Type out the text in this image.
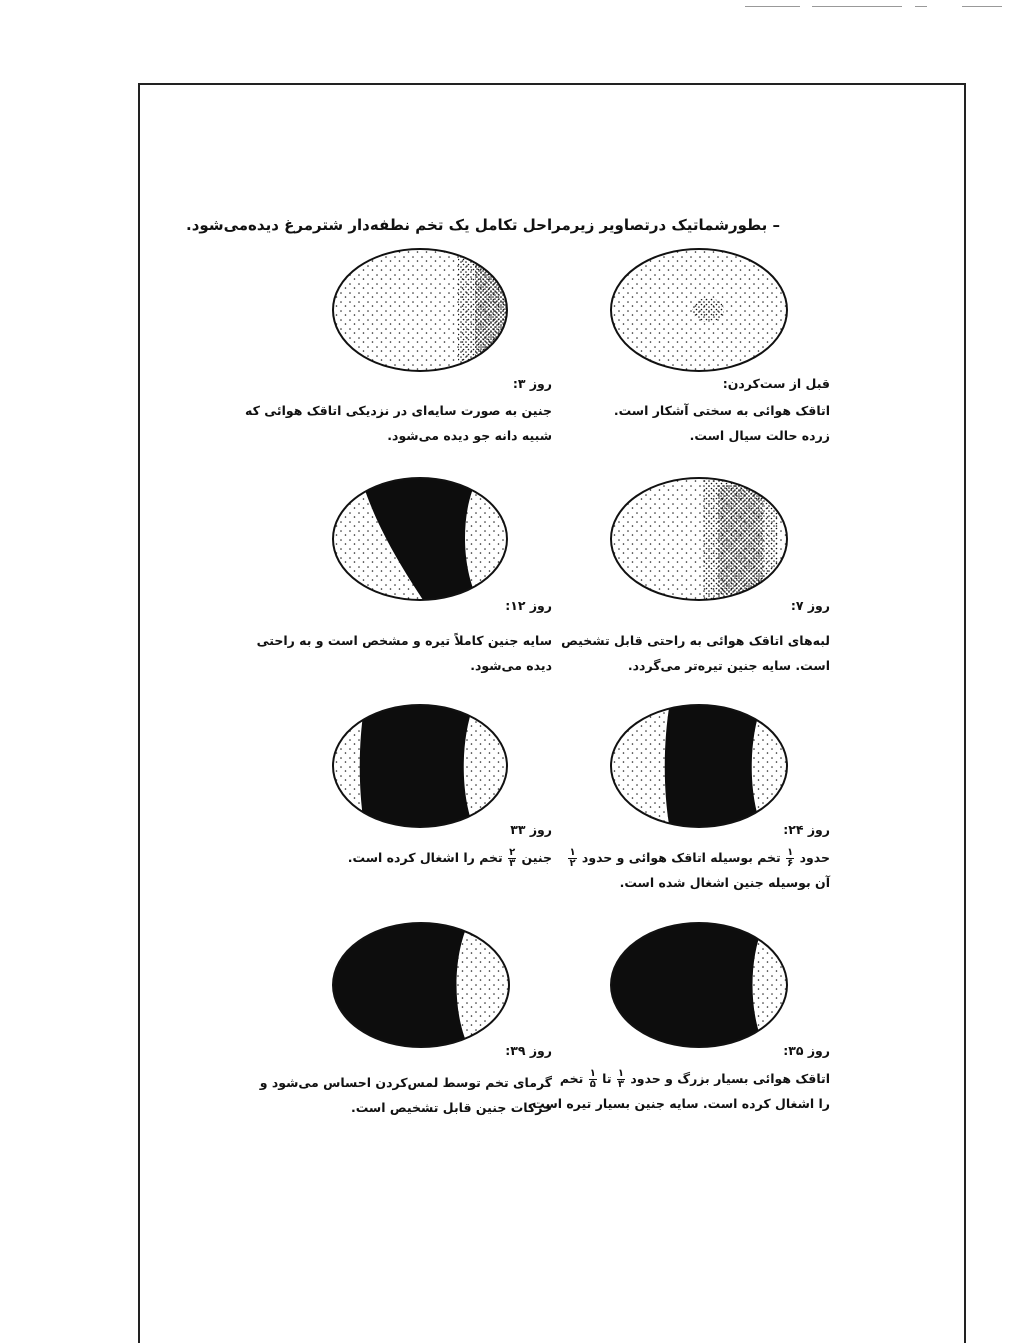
– بطورشماتیک درتصاویر زیرمراحل تکامل یک تخم نطفه‌دار شترمرغ دیده‌می‌شود.
قبل از ست‌کردن:
اتاقک هوائی به سختی آشکار است.
زرده حالت سیال است.
روز ۳:
جنین به صورت سایه‌ای در نزدیکی اتاقک هوائی که
شبیه دانه جو دیده می‌شود.
روز ۷:
لبه‌های اتاقک هوائی به راحتی قابل تشخیص
است. سایه جنین تیره‌تر می‌گردد.
روز ۱۲:
سایه جنین کاملاً تیره و مشخص است و به راحتی
دیده می‌شود.
روز ۲۴:
حدود
$\frac{۱}{۶}$
تخم بوسیله اتاقک هوائی و حدود
$\frac{۱}{۲}$
آن بوسیله جنین اشغال شده است.
روز ۳۳
جنین
$\frac{۲}{۳}$
تخم را اشغال کرده است.
روز ۳۵:
اتاقک هوائی بسیار بزرگ و حدود
$\frac{۱}{۳}$
تا
$\frac{۱}{۵}$
تخم
را اشغال کرده است. سایه جنین بسیار تیره است.
روز ۳۹:
گرمای تخم توسط لمس‌کردن احساس می‌شود و
حرکات جنین قابل تشخیص است.
